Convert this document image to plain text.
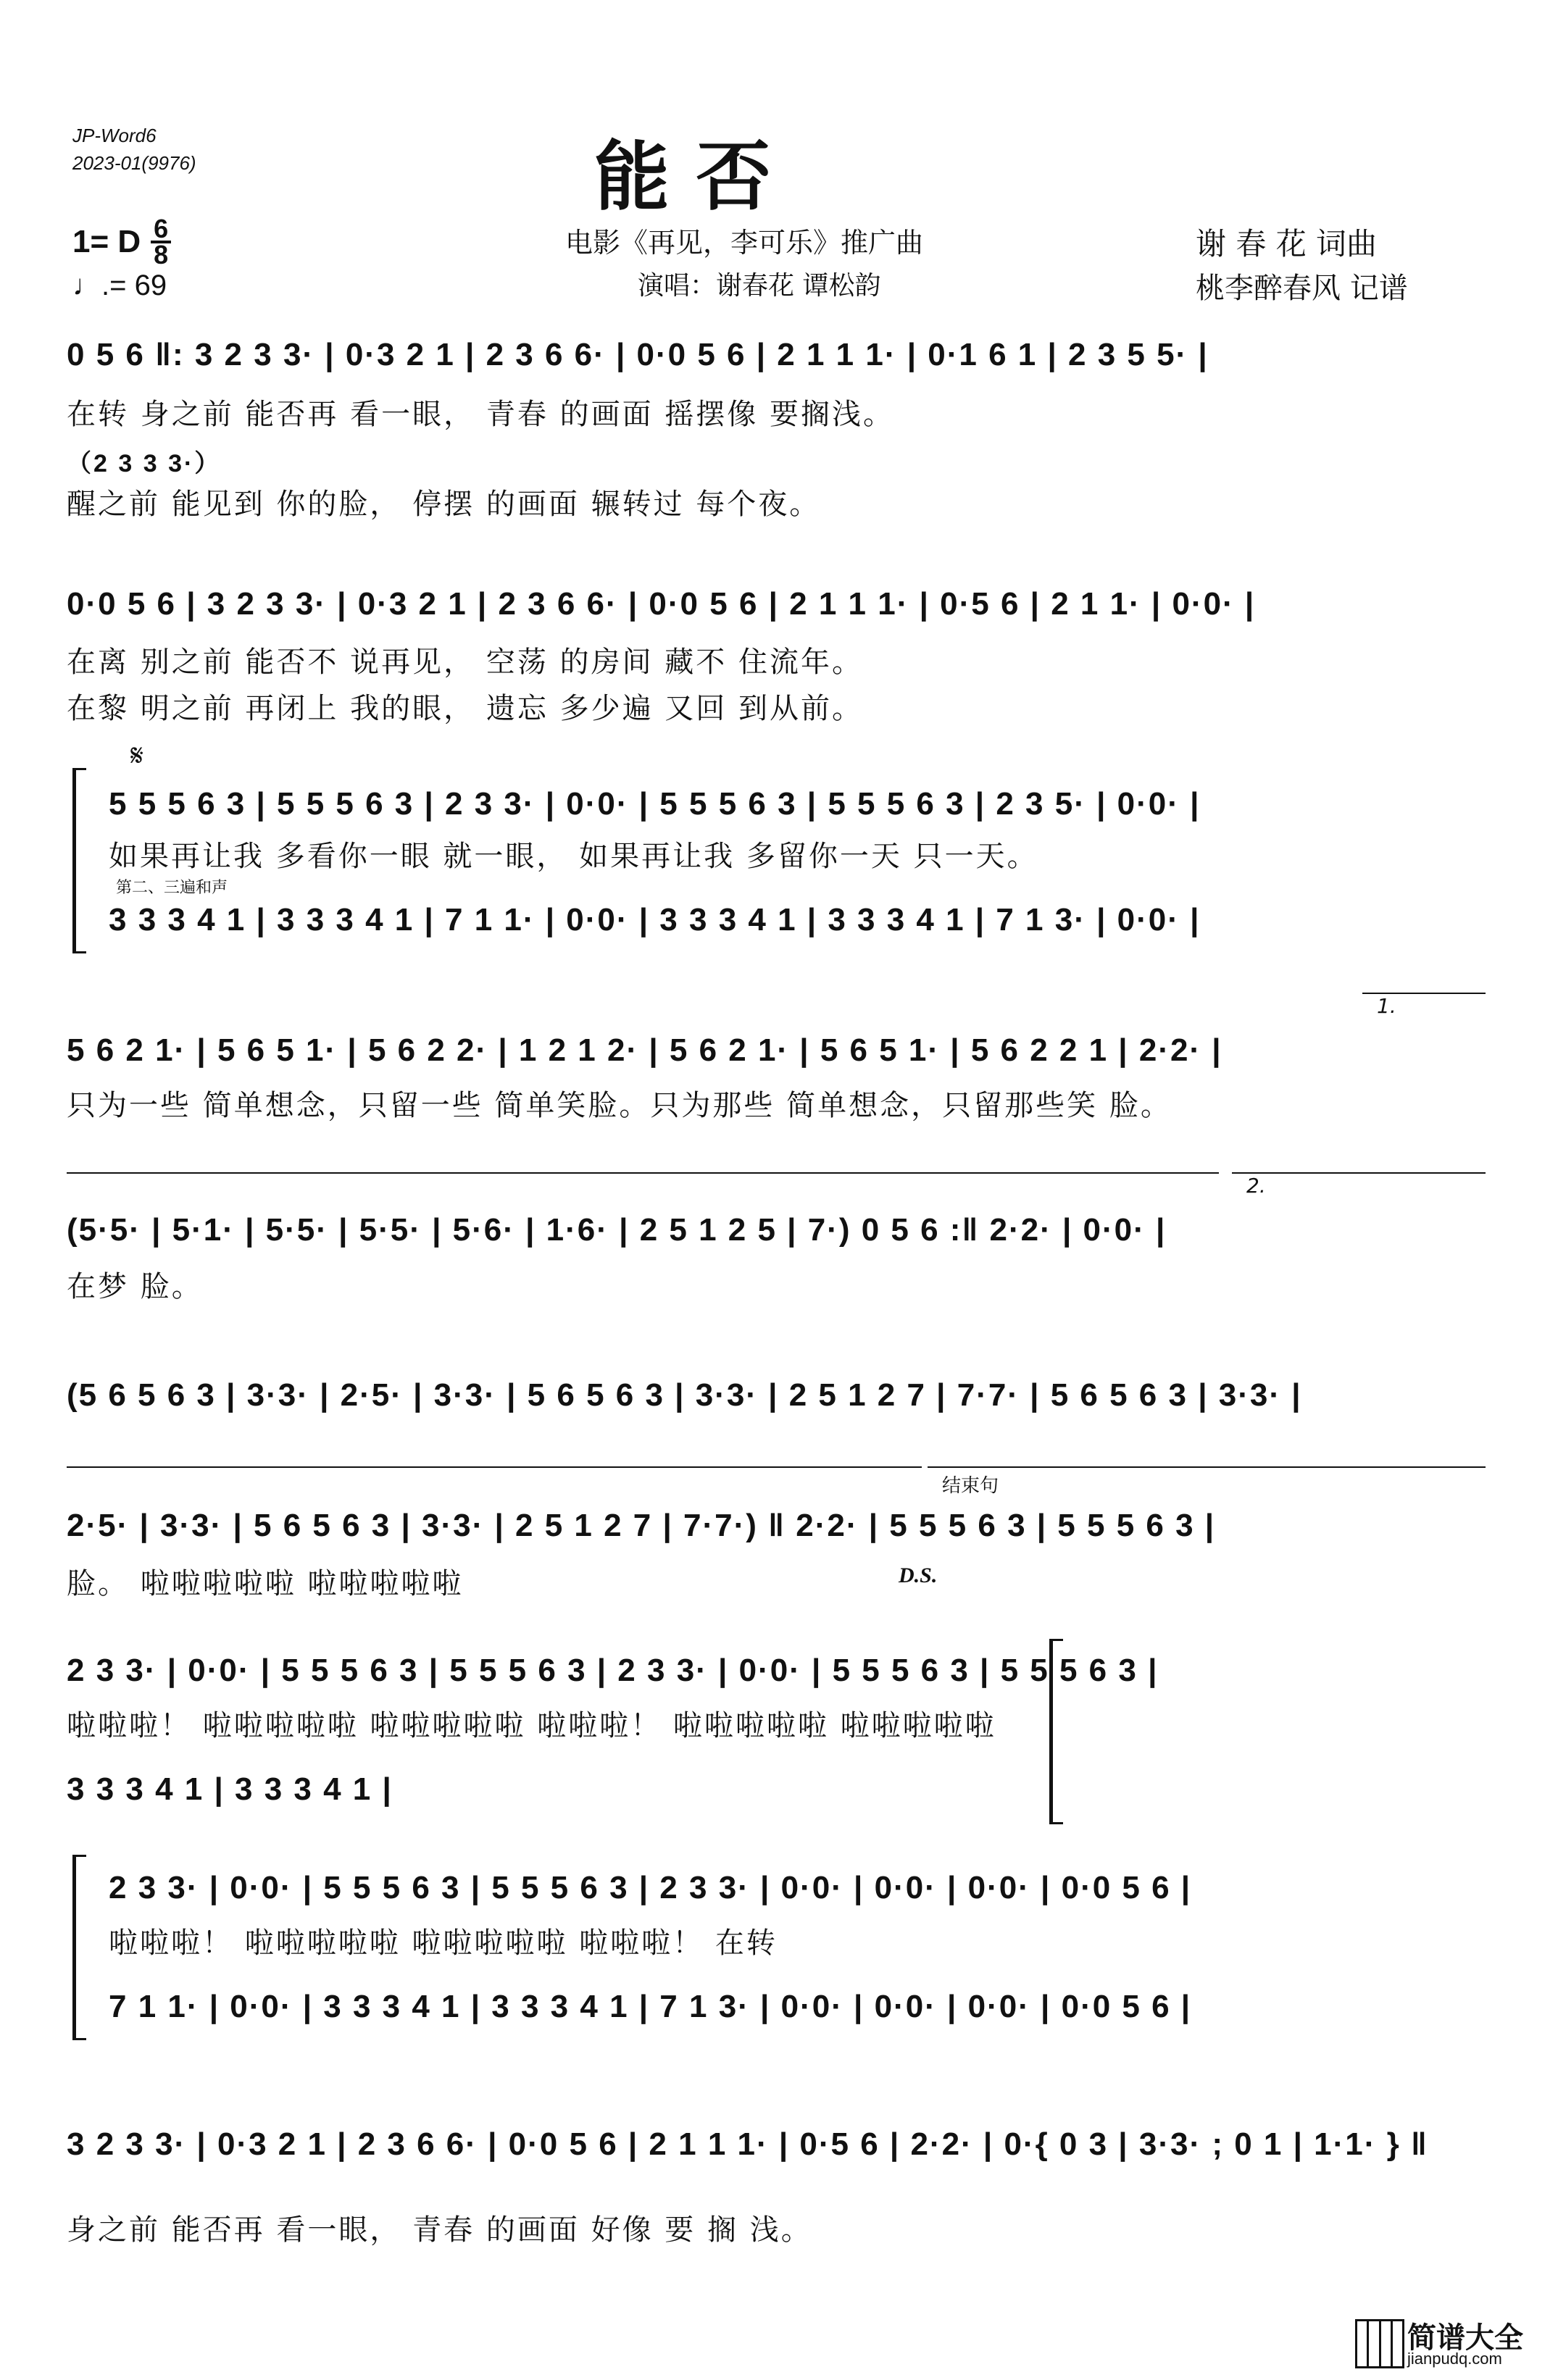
JP-Word6
2023-01(9976)	能 否
1= D $\frac{6}{8}$
♩.= 69
电影《再见，李可乐》推广曲
演唱：谢春花 谭松韵
谢 春 花 词曲
桃李醉春风 记谱
0 5 6 ‖: 3 2 3 3· | 0·3 2 1 | 2 3 6 6· | 0·0 5 6 | 2 1 1 1· | 0·1 6 1 | 2 3 5 5· |
在转 身之前 能否再 看一眼， 青春 的画面 摇摆像 要搁浅。
（2 3 3 3·）
醒之前 能见到 你的脸， 停摆 的画面 辗转过 每个夜。
0·0 5 6 | 3 2 3 3· | 0·3 2 1 | 2 3 6 6· | 0·0 5 6 | 2 1 1 1· | 0·5 6 | 2 1 1· | 0·0· |
在离 别之前 能否不 说再见， 空荡 的房间 藏不 住流年。
在黎 明之前 再闭上 我的眼， 遗忘 多少遍 又回 到从前。
𝄋
5 5 5 6 3 | 5 5 5 6 3 | 2 3 3· | 0·0· | 5 5 5 6 3 | 5 5 5 6 3 | 2 3 5· | 0·0· |
如果再让我 多看你一眼 就一眼， 如果再让我 多留你一天 只一天。
第二、三遍和声
3 3 3 4 1 | 3 3 3 4 1 | 7 1 1· | 0·0· | 3 3 3 4 1 | 3 3 3 4 1 | 7 1 3· | 0·0· |
1.
5 6 2 1· | 5 6 5 1· | 5 6 2 2· | 1 2 1 2· | 5 6 2 1· | 5 6 5 1· | 5 6 2 2 1 | 2·2· |
只为一些 简单想念，只留一些 简单笑脸。只为那些 简单想念，只留那些笑 脸。
2.
(5·5· | 5·1· | 5·5· | 5·5· | 5·6· | 1·6· | 2 5 1 2 5 | 7·) 0 5 6 :‖ 2·2· | 0·0· |
在梦 脸。
(5 6 5 6 3 | 3·3· | 2·5· | 3·3· | 5 6 5 6 3 | 3·3· | 2 5 1 2 7 | 7·7· | 5 6 5 6 3 | 3·3· |
结束句
2·5· | 3·3· | 5 6 5 6 3 | 3·3· | 2 5 1 2 7 | 7·7·) ‖ 2·2· | 5 5 5 6 3 | 5 5 5 6 3 |
D.S.
脸。 啦啦啦啦啦 啦啦啦啦啦
2 3 3· | 0·0· | 5 5 5 6 3 | 5 5 5 6 3 | 2 3 3· | 0·0· | 5 5 5 6 3 | 5 5 5 6 3 |
啦啦啦！ 啦啦啦啦啦 啦啦啦啦啦 啦啦啦！ 啦啦啦啦啦 啦啦啦啦啦
3 3 3 4 1 | 3 3 3 4 1 |
2 3 3· | 0·0· | 5 5 5 6 3 | 5 5 5 6 3 | 2 3 3· | 0·0· | 0·0· | 0·0· | 0·0 5 6 |
啦啦啦！ 啦啦啦啦啦 啦啦啦啦啦 啦啦啦！ 在转
7 1 1· | 0·0· | 3 3 3 4 1 | 3 3 3 4 1 | 7 1 3· | 0·0· | 0·0· | 0·0· | 0·0 5 6 |
3 2 3 3· | 0·3 2 1 | 2 3 6 6· | 0·0 5 6 | 2 1 1 1· | 0·5 6 | 2·2· | 0·{ 0 3 | 3·3· ; 0 1 | 1·1· } ‖
身之前 能否再 看一眼， 青春 的画面 好像 要 搁 浅。
简谱大全
jianpudq.com
